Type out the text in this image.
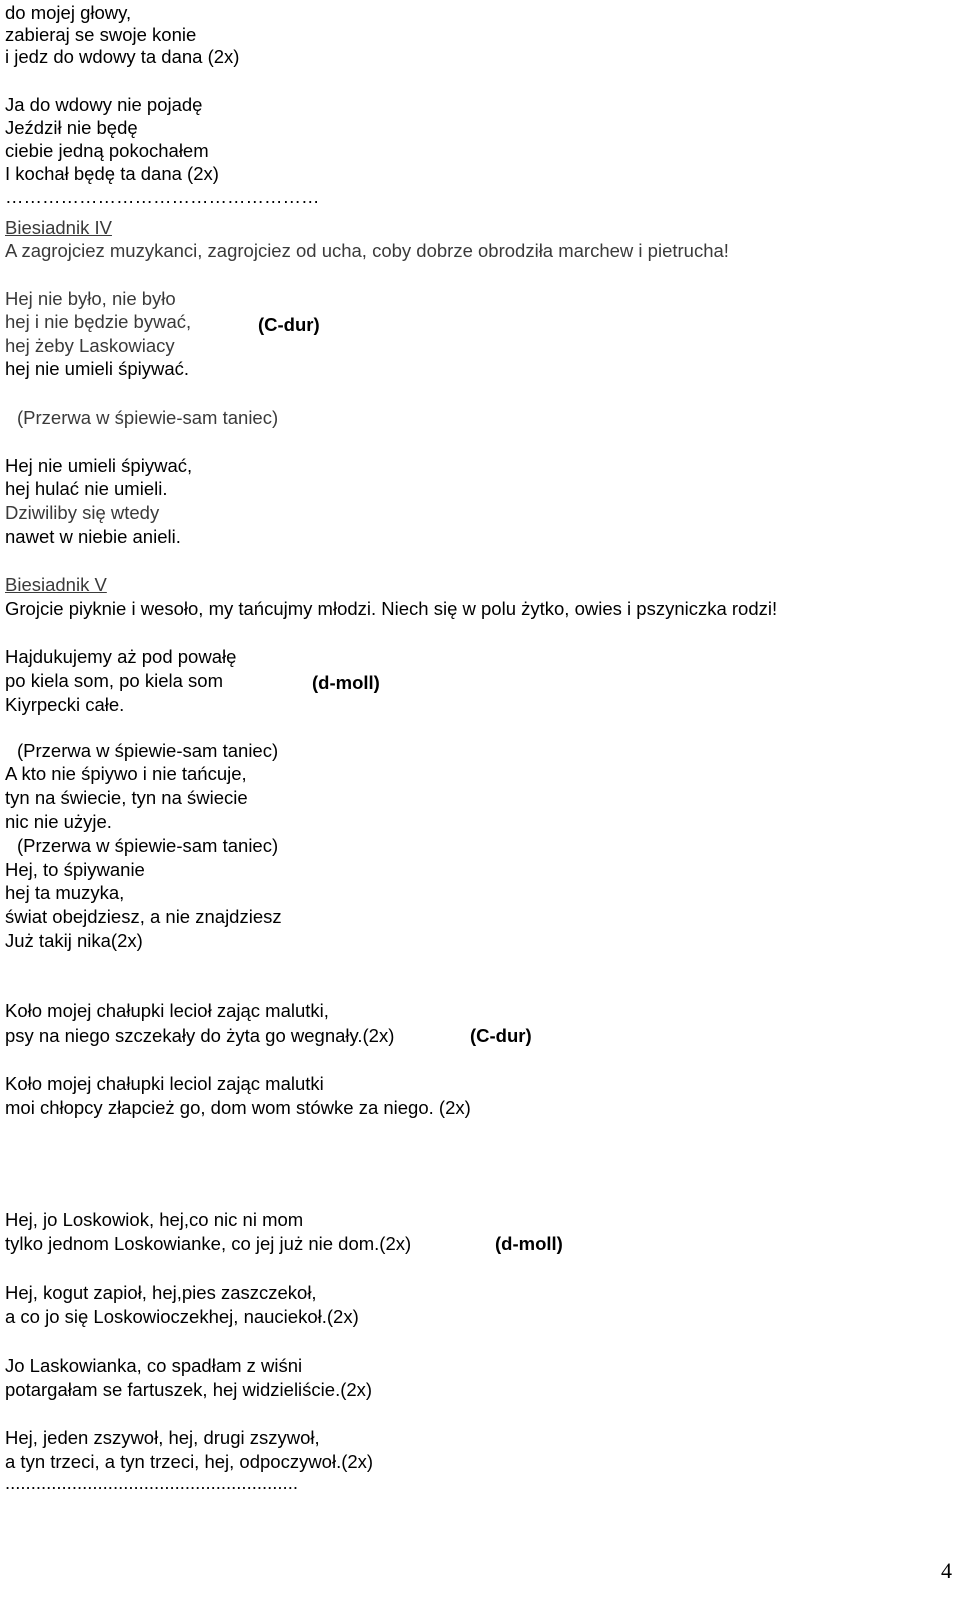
do mojej głowy,
zabieraj se swoje konie
i jedz do wdowy ta dana (2x)
Ja do wdowy nie pojadę
Jeździł nie będę
ciebie jedną pokochałem
I kochał będę ta dana (2x)
……………………………………………
Biesiadnik IV
A zagrojciez muzykanci, zagrojciez od ucha, coby dobrze obrodziła marchew i pietrucha!
Hej nie było, nie było
hej i nie będzie bywać,	(C-dur)
hej żeby Laskowiacy
hej nie umieli śpiywać.
(Przerwa w śpiewie-sam taniec)
Hej nie umieli śpiywać,
hej hulać nie umieli.
Dziwiliby się wtedy
nawet w niebie anieli.
Biesiadnik V
Grojcie piyknie i wesoło, my tańcujmy młodzi. Niech się w polu żytko, owies i pszyniczka rodzi!
Hajdukujemy aż pod powałę
po kiela som, po kiela som	(d-moll)
Kiyrpecki całe.
(Przerwa w śpiewie-sam taniec)
A kto nie śpiywo i nie tańcuje,
tyn na świecie, tyn na świecie
nic nie użyje.
(Przerwa w śpiewie-sam taniec)
Hej, to śpiywanie
hej ta muzyka,
świat obejdziesz, a nie znajdziesz
Już takij nika(2x)
Koło mojej chałupki lecioł zając malutki,
psy na niego szczekały do żyta go wegnały.(2x)	(C-dur)
Koło mojej chałupki leciol zając malutki
moi chłopcy złapcież go, dom wom stówke za niego. (2x)
Hej, jo Loskowiok, hej,co nic ni mom
tylko jednom Loskowianke, co jej już nie dom.(2x)	(d-moll)
Hej, kogut zapioł, hej,pies zaszczekoł,
a co jo się Loskowioczekhej, nauciekoł.(2x)
Jo Laskowianka, co spadłam z wiśni
potargałam se fartuszek, hej widzieliście.(2x)
Hej, jeden zszywoł, hej, drugi zszywoł,
a tyn trzeci, a tyn trzeci, hej, odpoczywoł.(2x)
.........................................................
4
